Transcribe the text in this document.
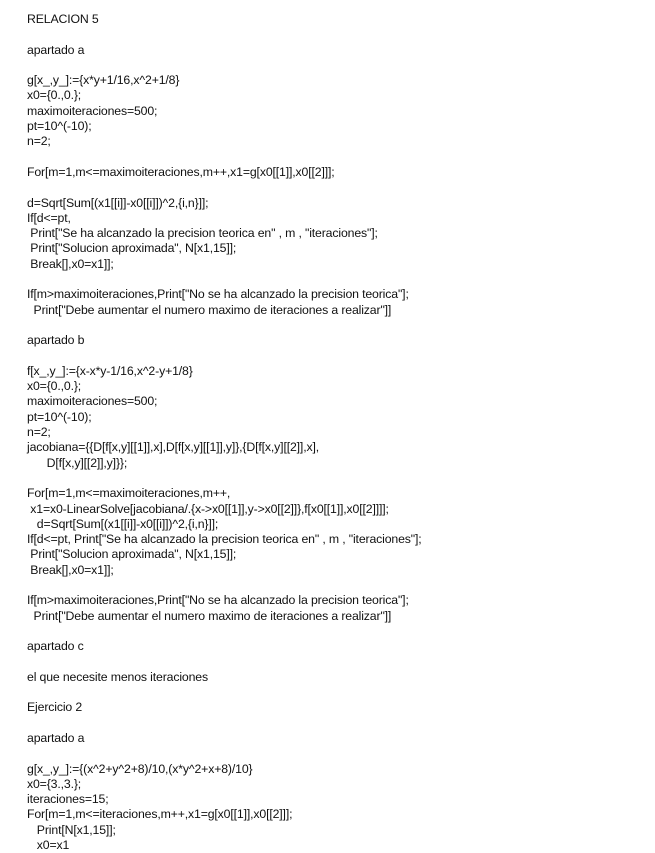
RELACION 5
apartado a
g[x_,y_]:={x*y+1/16,x^2+1/8}
x0={0.,0.};
maximoiteraciones=500;
pt=10^(-10);
n=2;
For[m=1,m<=maximoiteraciones,m++,x1=g[x0[[1]],x0[[2]]];
d=Sqrt[Sum[(x1[[i]]-x0[[i]])^2,{i,n}]];
If[d<=pt,
Print["Se ha alcanzado la precision teorica en" , m , "iteraciones"];
Print["Solucion aproximada", N[x1,15]];
Break[],x0=x1]];
If[m>maximoiteraciones,Print["No se ha alcanzado la precision teorica"];
Print["Debe aumentar el numero maximo de iteraciones a realizar"]]
apartado b
f[x_,y_]:={x-x*y-1/16,x^2-y+1/8}
x0={0.,0.};
maximoiteraciones=500;
pt=10^(-10);
n=2;
jacobiana={{D[f[x,y][[1]],x],D[f[x,y][[1]],y]},{D[f[x,y][[2]],x],
D[f[x,y][[2]],y]}};
For[m=1,m<=maximoiteraciones,m++,
x1=x0-LinearSolve[jacobiana/.{x->x0[[1]],y->x0[[2]]},f[x0[[1]],x0[[2]]]];
d=Sqrt[Sum[(x1[[i]]-x0[[i]])^2,{i,n}]];
If[d<=pt, Print["Se ha alcanzado la precision teorica en" , m , "iteraciones"];
Print["Solucion aproximada", N[x1,15]];
Break[],x0=x1]];
If[m>maximoiteraciones,Print["No se ha alcanzado la precision teorica"];
Print["Debe aumentar el numero maximo de iteraciones a realizar"]]
apartado c
el que necesite menos iteraciones
Ejercicio 2
apartado a
g[x_,y_]:={(x^2+y^2+8)/10,(x*y^2+x+8)/10}
x0={3.,3.};
iteraciones=15;
For[m=1,m<=iteraciones,m++,x1=g[x0[[1]],x0[[2]]];
Print[N[x1,15]];
x0=x1
